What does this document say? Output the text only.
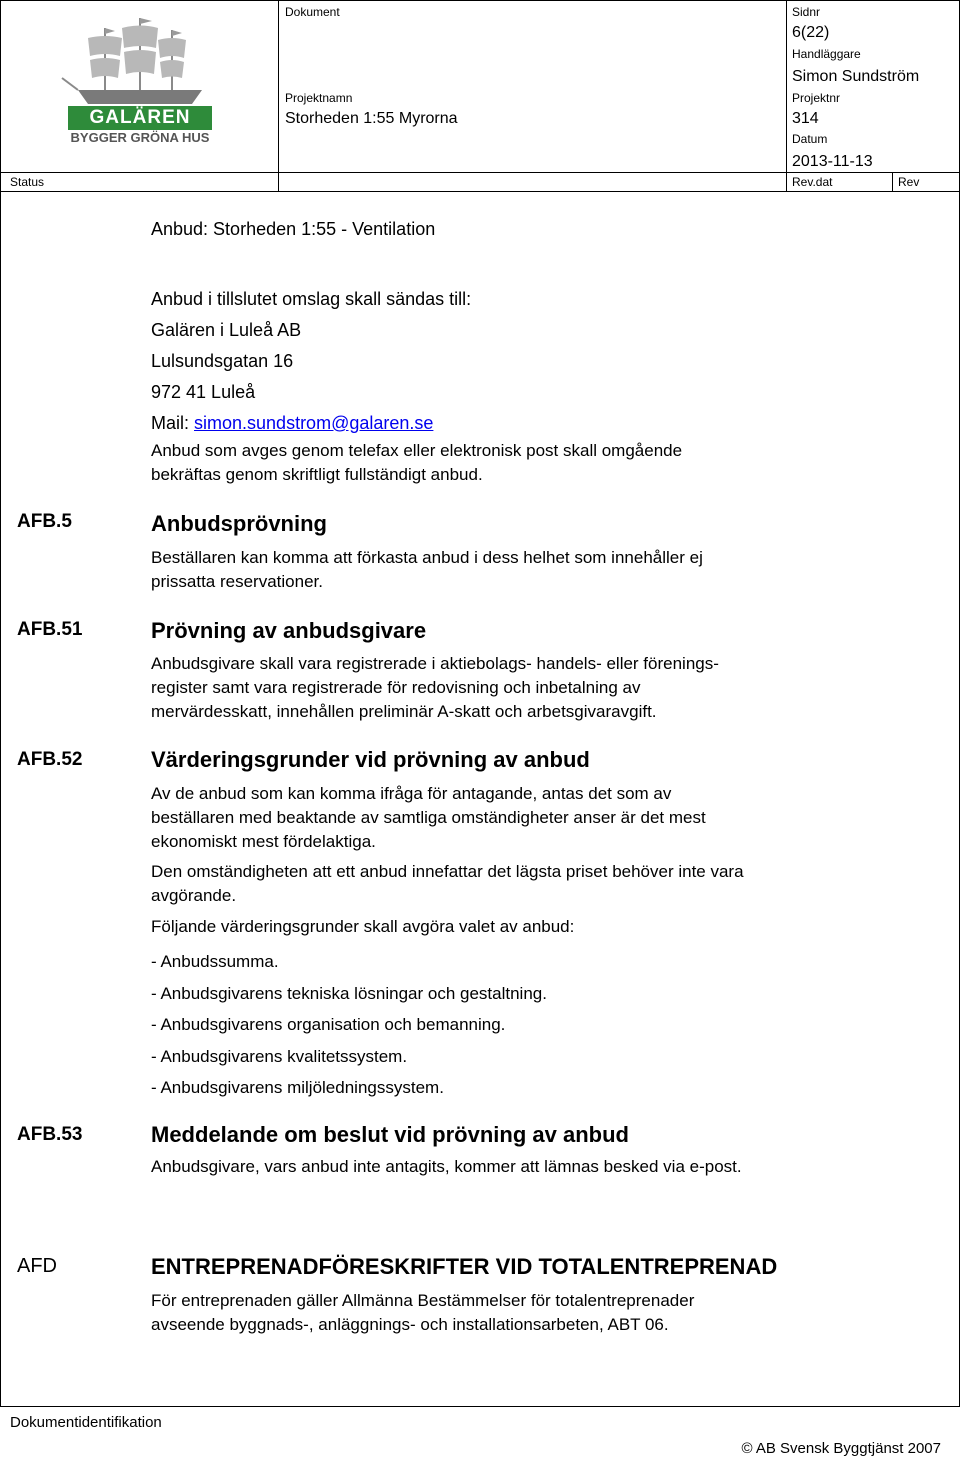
GALÄREN
BYGGER GRÖNA HUS
Dokument
Projektnamn
Storheden 1:55 Myrorna
Sidnr
6(22)
Handläggare
Simon Sundström
Projektnr
314
Datum
2013-11-13
Status	Rev.dat	Rev
Anbud: Storheden 1:55 - Ventilation
Anbud i tillslutet omslag skall sändas till:
Galären i Luleå AB
Lulsundsgatan 16
972 41 Luleå
Mail: simon.sundstrom@galaren.se
Anbud som avges genom telefax eller elektronisk post skall omgående
bekräftas genom skriftligt fullständigt anbud.
AFB.5	Anbudsprövning
Beställaren kan komma att förkasta anbud i dess helhet som innehåller ej
prissatta reservationer.
AFB.51	Prövning av anbudsgivare
Anbudsgivare skall vara registrerade i aktiebolags- handels- eller förenings-
register samt vara registrerade för redovisning och inbetalning av
mervärdesskatt, innehållen preliminär A-skatt och arbetsgivaravgift.
AFB.52	Värderingsgrunder vid prövning av anbud
Av de anbud som kan komma ifråga för antagande, antas det som av
beställaren med beaktande av samtliga omständigheter anser är det mest
ekonomiskt mest fördelaktiga.
Den omständigheten att ett anbud innefattar det lägsta priset behöver inte vara
avgörande.
Följande värderingsgrunder skall avgöra valet av anbud:
- Anbudssumma.
- Anbudsgivarens tekniska lösningar och gestaltning.
- Anbudsgivarens organisation och bemanning.
- Anbudsgivarens kvalitetssystem.
- Anbudsgivarens miljöledningssystem.
AFB.53	Meddelande om beslut vid prövning av anbud
Anbudsgivare, vars anbud inte antagits, kommer att lämnas besked via e-post.
AFD	ENTREPRENADFÖRESKRIFTER VID TOTALENTREPRENAD
För entreprenaden gäller Allmänna Bestämmelser för totalentreprenader
avseende byggnads-, anläggnings- och installationsarbeten, ABT 06.
Dokumentidentifikation
© AB Svensk Byggtjänst 2007
